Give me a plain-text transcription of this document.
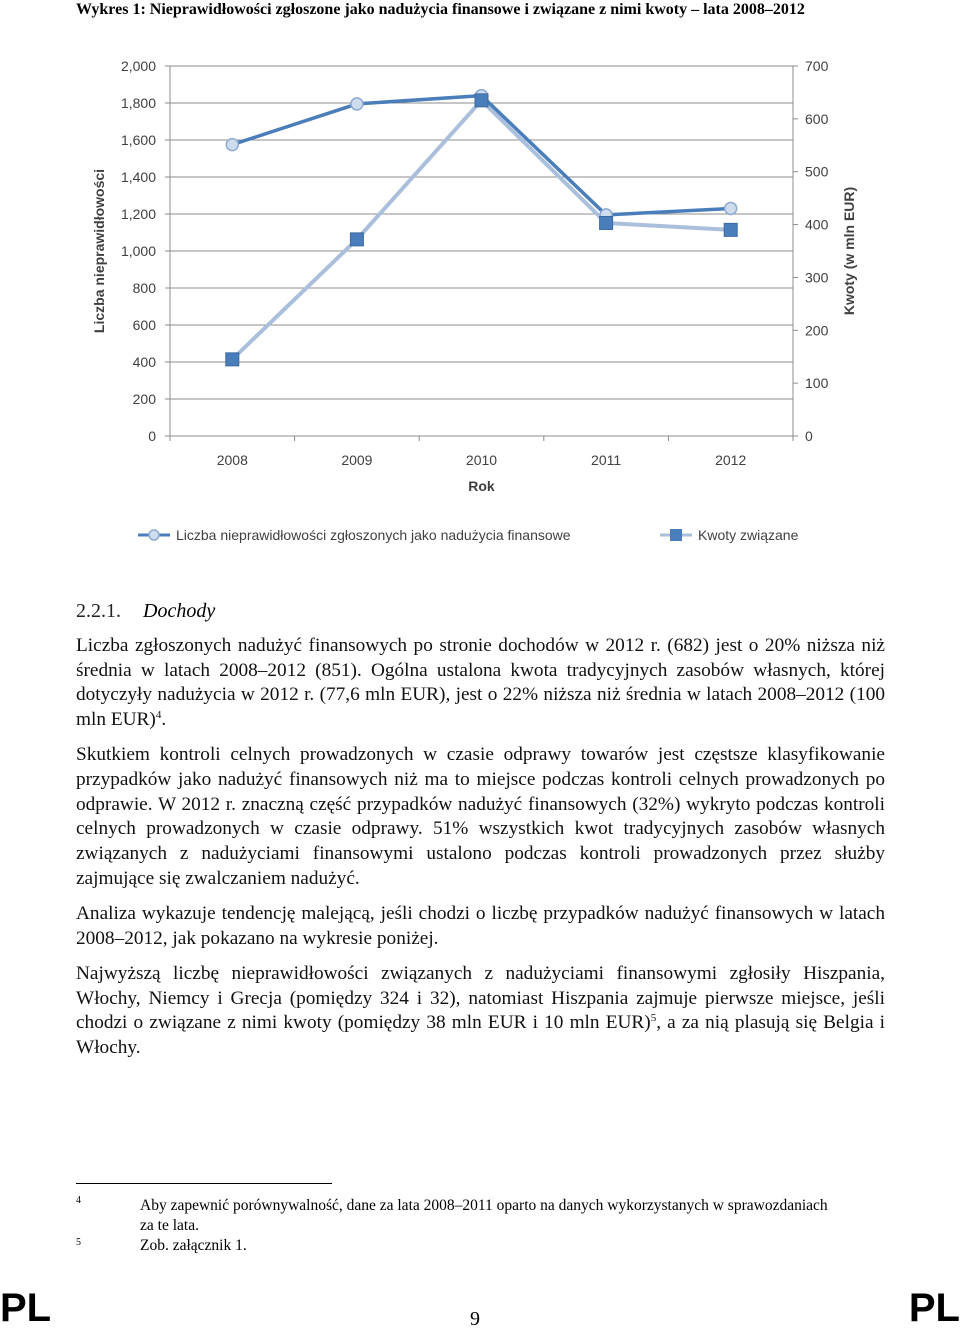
Wykres 1: Nieprawidłowości zgłoszone jako nadużycia finansowe i związane z nimi kwoty – lata 2008–2012
0
200
400
600
800
1,000
1,200
1,400
1,600
1,800
2,000
0
100
200
300
400
500
600
700
2008	2009	2010	2011	2012
Rok
Liczba nieprawidłowości	Kwoty (w mln EUR)
Liczba nieprawidłowości zgłoszonych jako nadużycia finansowe	Kwoty związane
2.2.1. Dochody

Liczba zgłoszonych nadużyć finansowych po stronie dochodów w 2012 r. (682) jest o 20% niższa niż średnia w latach 2008–2012 (851). Ogólna ustalona kwota tradycyjnych zasobów własnych, której dotyczyły nadużycia w 2012 r. (77,6 mln EUR), jest o 22% niższa niż średnia w latach 2008–2012 (100 mln EUR)$^4$.

Skutkiem kontroli celnych prowadzonych w czasie odprawy towarów jest częstsze klasyfikowanie przypadków jako nadużyć finansowych niż ma to miejsce podczas kontroli celnych prowadzonych po odprawie. W 2012 r. znaczną część przypadków nadużyć finansowych (32%) wykryto podczas kontroli celnych prowadzonych w czasie odprawy. 51% wszystkich kwot tradycyjnych zasobów własnych związanych z nadużyciami finansowymi ustalono podczas kontroli prowadzonych przez służby zajmujące się zwalczaniem nadużyć.

Analiza wykazuje tendencję malejącą, jeśli chodzi o liczbę przypadków nadużyć finansowych w latach 2008–2012, jak pokazano na wykresie poniżej.

Najwyższą liczbę nieprawidłowości związanych z nadużyciami finansowymi zgłosiły Hiszpania, Włochy, Niemcy i Grecja (pomiędzy 324 i 32), natomiast Hiszpania zajmuje pierwsze miejsce, jeśli chodzi o związane z nimi kwoty (pomiędzy 38 mln EUR i 10 mln EUR)$^5$, a za nią plasują się Belgia i Włochy.

4	Aby zapewnić porównywalność, dane za lata 2008–2011 oparto na danych wykorzystanych w sprawozdaniach za te lata.
5	Zob. załącznik 1.
PL	9	PL
